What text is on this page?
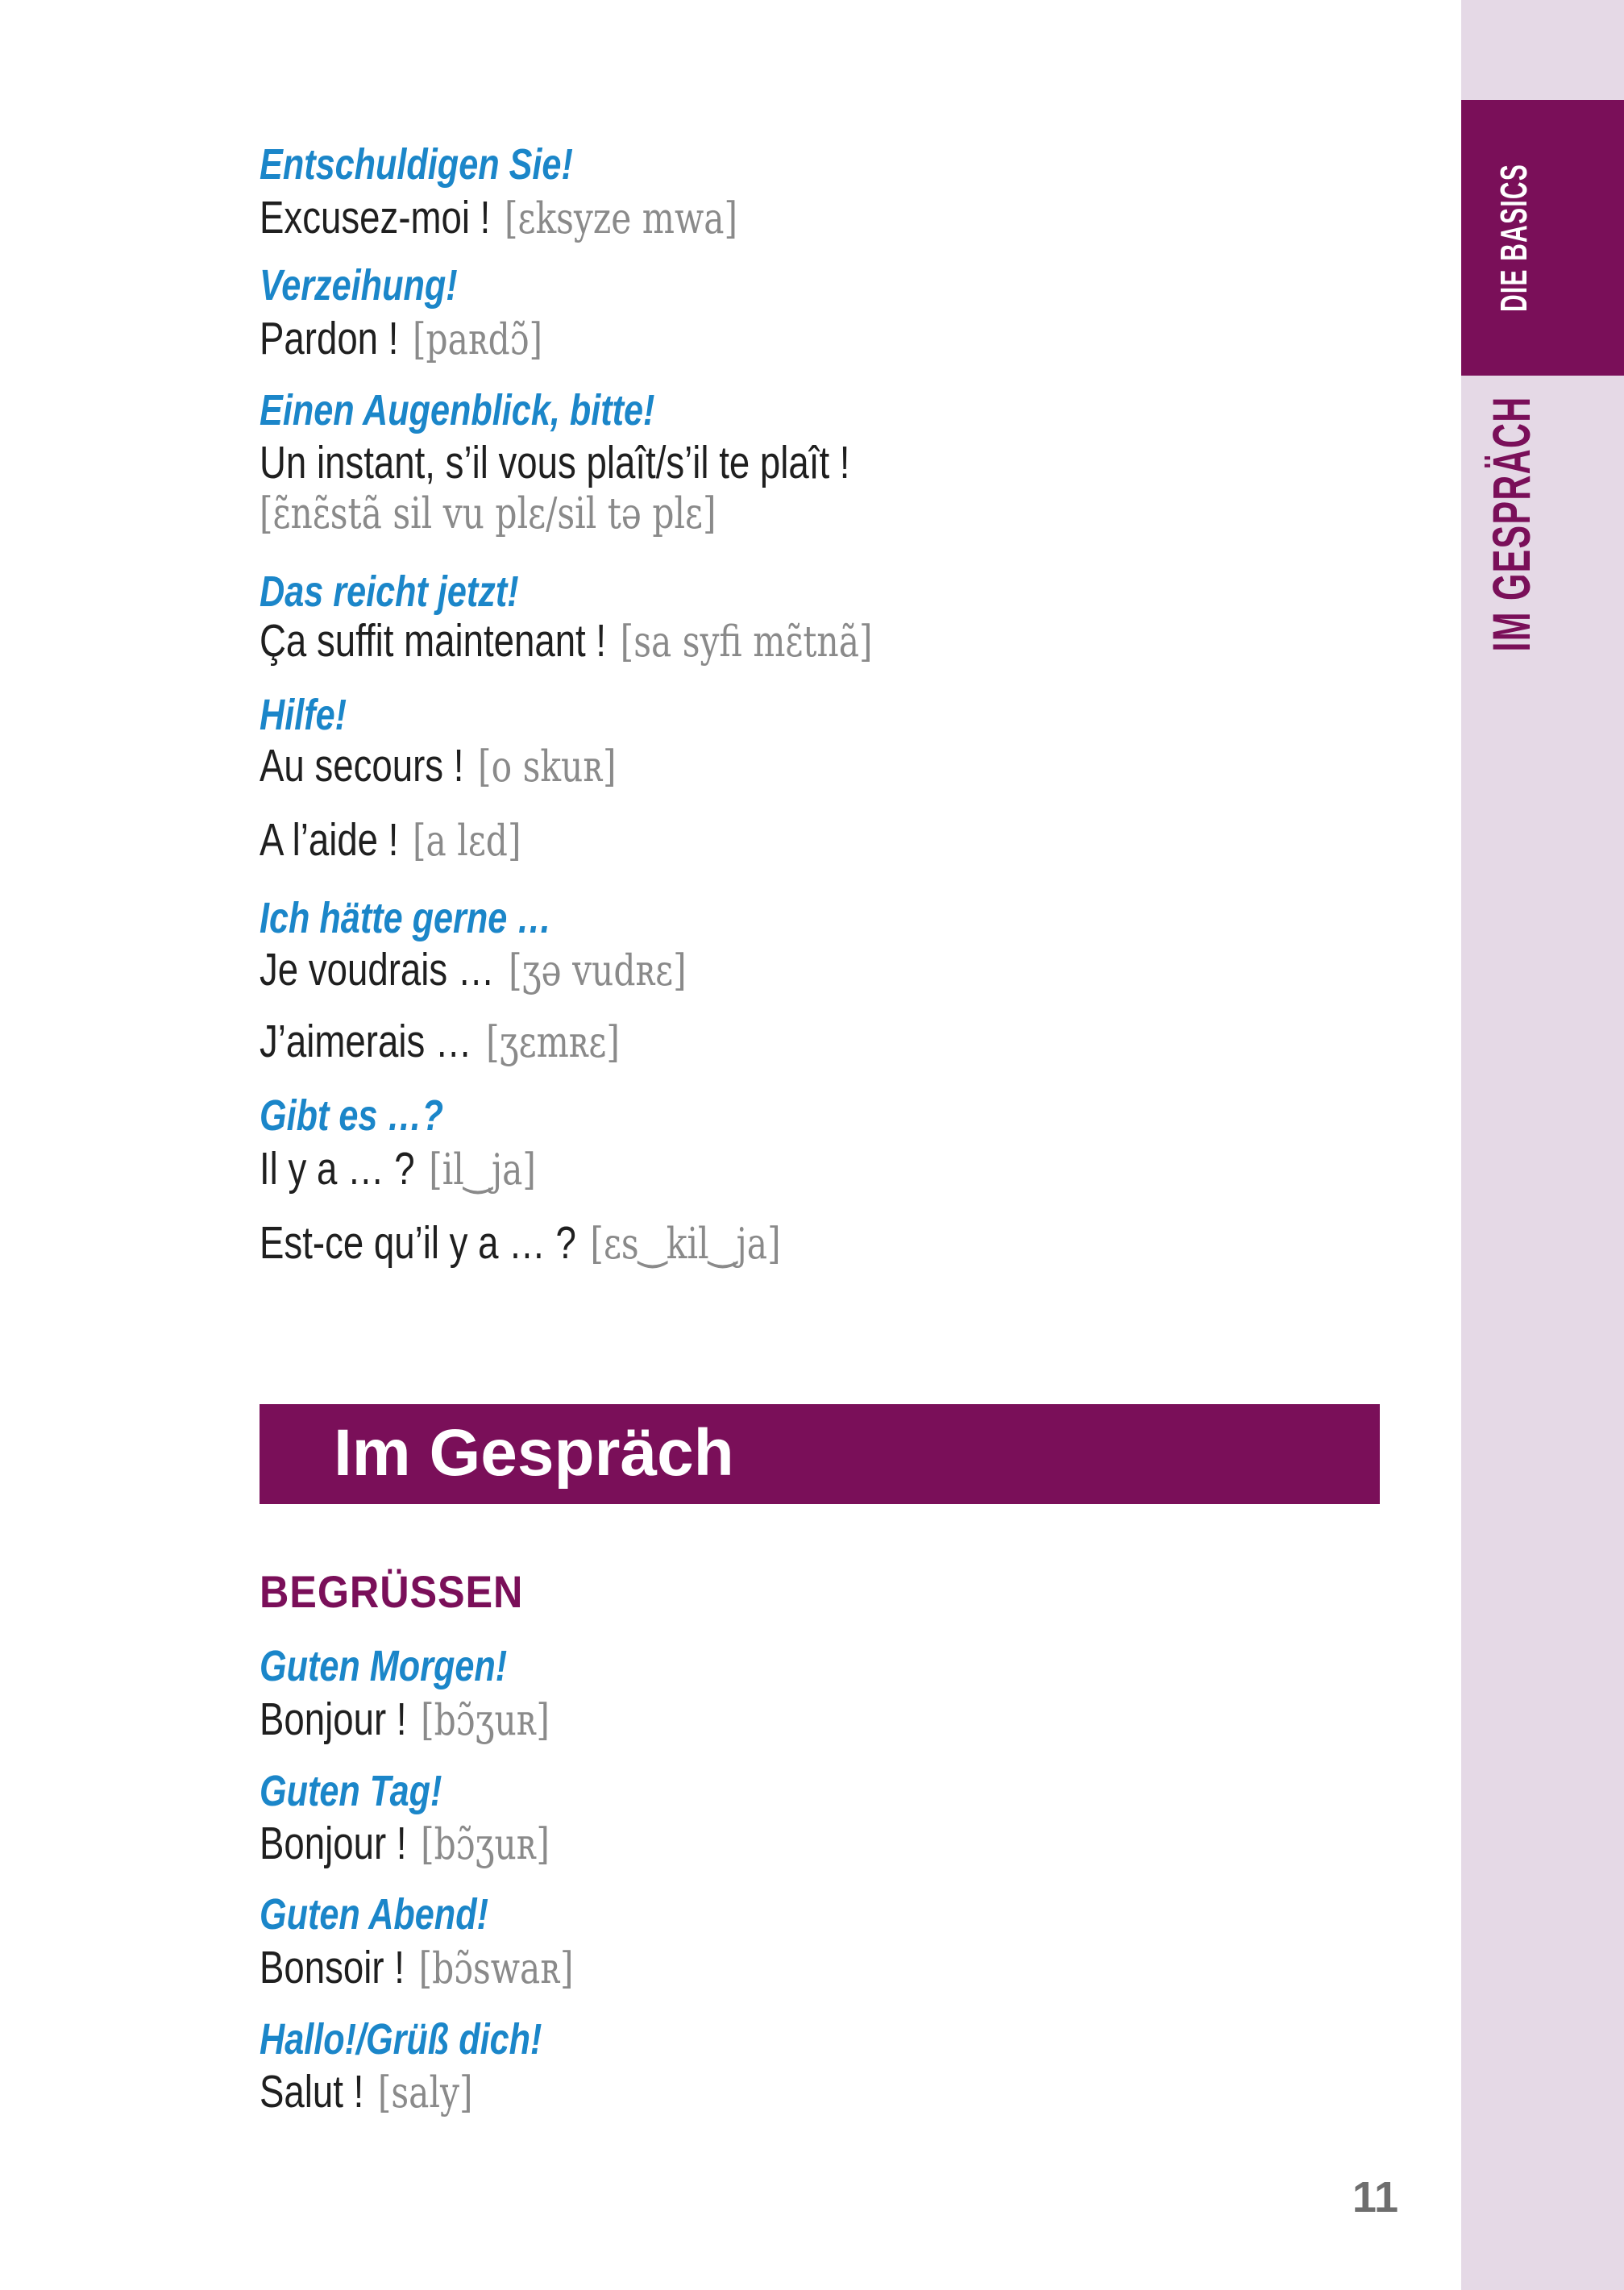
DIE BASICS
IM GESPRÄCH
Entschuldigen Sie!
Excusez-moi ! [ɛksyze mwa]
Verzeihung!
Pardon ! [paʀdɔ̃]
Einen Augenblick, bitte!
Un instant, s’il vous plaît/s’il te plaît !
[ɛ̃nɛ̃stã sil vu plɛ/sil tə plɛ]
Das reicht jetzt!
Ça suffit maintenant ! [sa syfi mɛ̃tnã]
Hilfe!
Au secours ! [o skuʀ]
A l’aide ! [a lɛd]
Ich hätte gerne …
Je voudrais … [ʒə vudʀɛ]
J’aimerais … [ʒɛmʀɛ]
Gibt es …?
Il y a … ? [il‿ja]
Est-ce qu’il y a … ? [ɛs‿kil‿ja]
Im Gespräch
BEGRÜSSEN
Guten Morgen!
Bonjour ! [bɔ̃ʒuʀ]
Guten Tag!
Bonjour ! [bɔ̃ʒuʀ]
Guten Abend!
Bonsoir ! [bɔ̃swaʀ]
Hallo!/Grüß dich!
Salut ! [saly]
11
